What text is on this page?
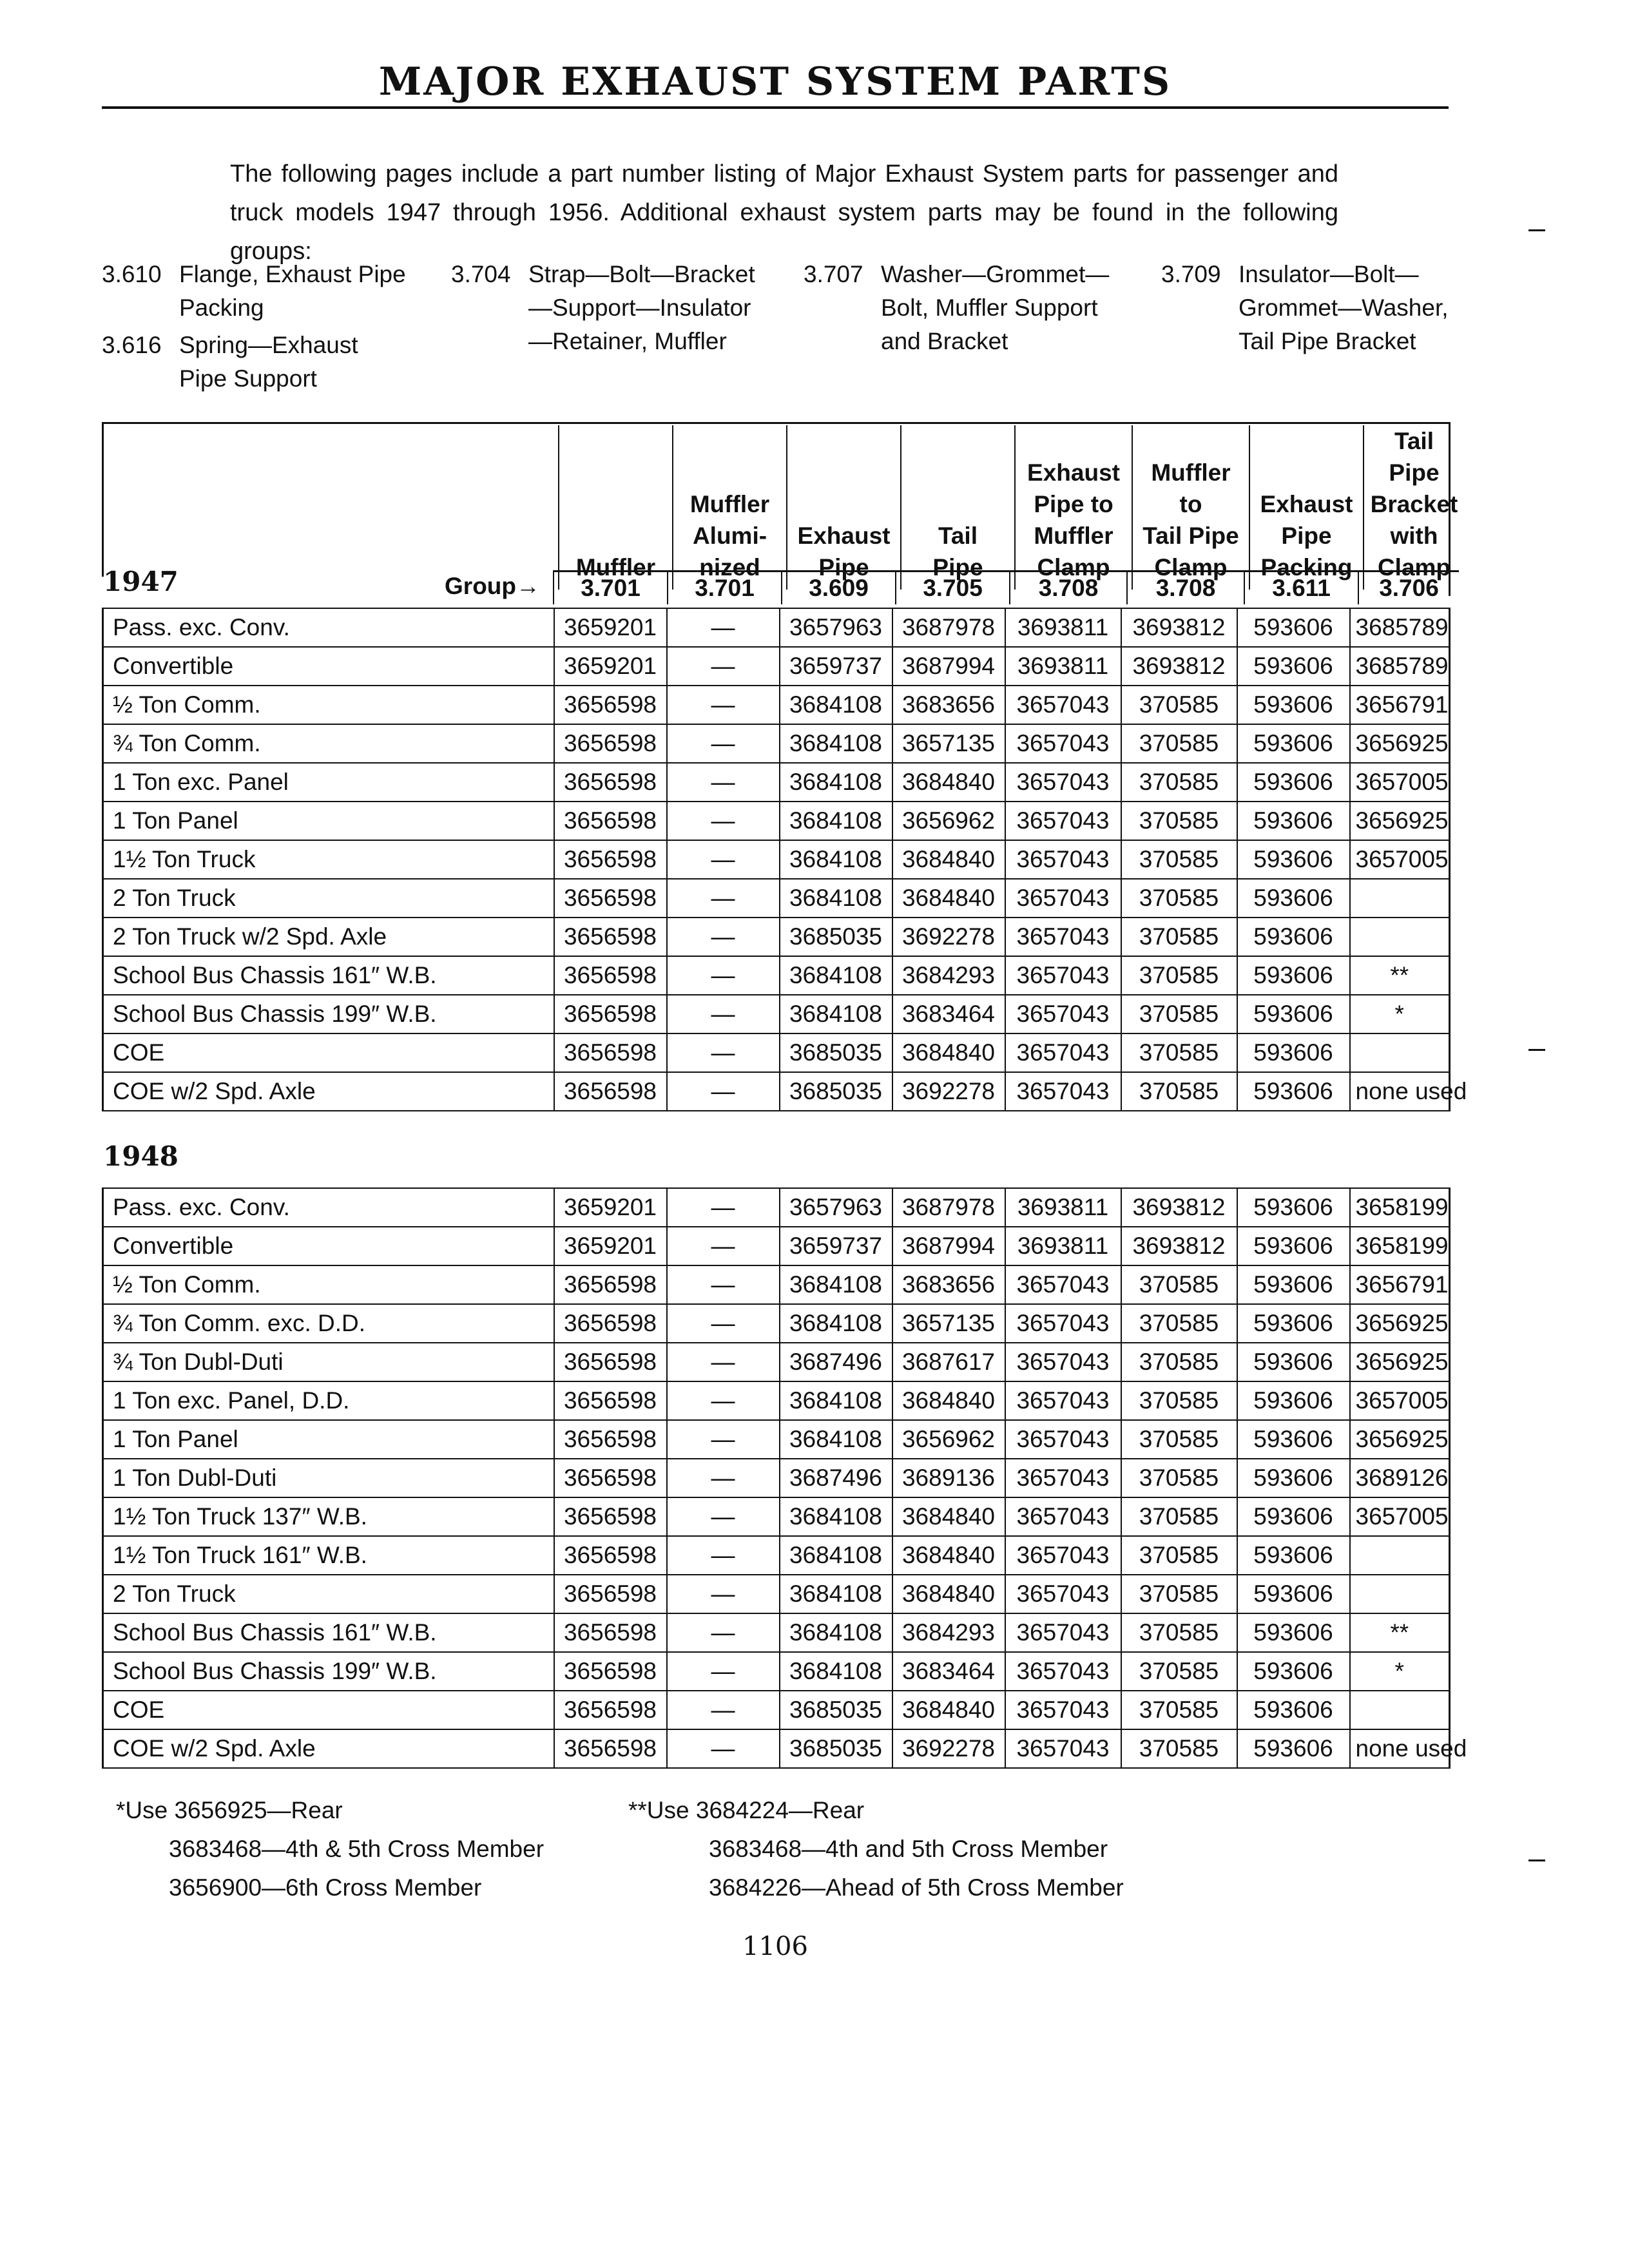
MAJOR EXHAUST SYSTEM PARTS
The following pages include a part number listing of Major Exhaust System parts for passenger and truck models 1947 through 1956. Additional exhaust system parts may be found in the following groups:
3.610 Flange, Exhaust Pipe
Packing
3.616 Spring—Exhaust
Pipe Support
3.704 Strap—Bolt—Bracket
—Support—Insulator
—Retainer, Muffler
3.707 Washer—Grommet—
Bolt, Muffler Support
and Bracket
3.709 Insulator—Bolt—
Grommet—Washer,
Tail Pipe Bracket

Muffler

Muffler
Alumi-
nized

Exhaust
Pipe

Tail
Pipe

Exhaust
Pipe to
Muffler
Clamp

Muffler
to
Tail Pipe
Clamp

Exhaust
Pipe
Packing

Tail Pipe
Bracket
with
Clamp
Group→	3.701	3.701	3.609	3.705	3.708	3.708	3.611	3.706
1947
1948
Pass. exc. Conv.	3659201	—	3657963	3687978	3693811	3693812	593606	3685789
Convertible	3659201	—	3659737	3687994	3693811	3693812	593606	3685789
½ Ton Comm.	3656598	—	3684108	3683656	3657043	370585	593606	3656791
¾ Ton Comm.	3656598	—	3684108	3657135	3657043	370585	593606	3656925
1 Ton exc. Panel	3656598	—	3684108	3684840	3657043	370585	593606	3657005
1 Ton Panel	3656598	—	3684108	3656962	3657043	370585	593606	3656925
1½ Ton Truck	3656598	—	3684108	3684840	3657043	370585	593606	3657005
2 Ton Truck	3656598	—	3684108	3684840	3657043	370585	593606	
2 Ton Truck w/2 Spd. Axle	3656598	—	3685035	3692278	3657043	370585	593606	
School Bus Chassis 161″ W.B.	3656598	—	3684108	3684293	3657043	370585	593606	**
School Bus Chassis 199″ W.B.	3656598	—	3684108	3683464	3657043	370585	593606	*
COE	3656598	—	3685035	3684840	3657043	370585	593606	
COE w/2 Spd. Axle	3656598	—	3685035	3692278	3657043	370585	593606	none used
Pass. exc. Conv.	3659201	—	3657963	3687978	3693811	3693812	593606	3658199
Convertible	3659201	—	3659737	3687994	3693811	3693812	593606	3658199
½ Ton Comm.	3656598	—	3684108	3683656	3657043	370585	593606	3656791
¾ Ton Comm. exc. D.D.	3656598	—	3684108	3657135	3657043	370585	593606	3656925
¾ Ton Dubl-Duti	3656598	—	3687496	3687617	3657043	370585	593606	3656925
1 Ton exc. Panel, D.D.	3656598	—	3684108	3684840	3657043	370585	593606	3657005
1 Ton Panel	3656598	—	3684108	3656962	3657043	370585	593606	3656925
1 Ton Dubl-Duti	3656598	—	3687496	3689136	3657043	370585	593606	3689126
1½ Ton Truck 137″ W.B.	3656598	—	3684108	3684840	3657043	370585	593606	3657005
1½ Ton Truck 161″ W.B.	3656598	—	3684108	3684840	3657043	370585	593606	
2 Ton Truck	3656598	—	3684108	3684840	3657043	370585	593606	
School Bus Chassis 161″ W.B.	3656598	—	3684108	3684293	3657043	370585	593606	**
School Bus Chassis 199″ W.B.	3656598	—	3684108	3683464	3657043	370585	593606	*
COE	3656598	—	3685035	3684840	3657043	370585	593606	
COE w/2 Spd. Axle	3656598	—	3685035	3692278	3657043	370585	593606	none used
*Use 3656925—Rear
3683468—4th & 5th Cross Member
3656900—6th Cross Member
**Use 3684224—Rear
3683468—4th and 5th Cross Member
3684226—Ahead of 5th Cross Member
1106
